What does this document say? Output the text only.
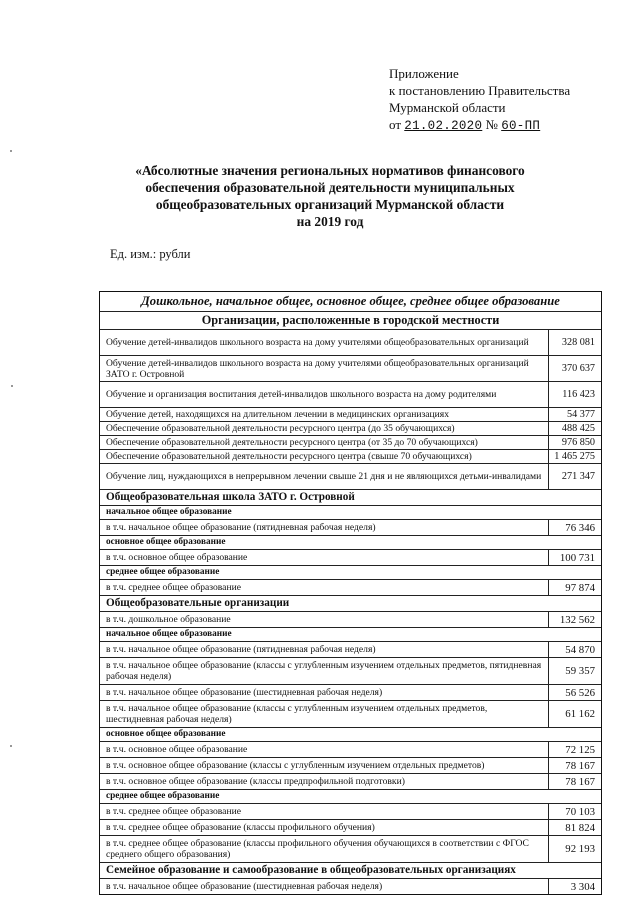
Приложение
к постановлению Правительства
Мурманской области
от 21.02.2020 № 60-ПП
«Абсолютные значения региональных нормативов финансового
обеспечения образовательной деятельности муниципальных
общеобразовательных организаций Мурманской области
на 2019 год
Ед. изм.: рубли
Дошкольное, начальное общее, основное общее, среднее общее образование
Организации, расположенные в городской местности
Обучение детей-инвалидов школьного возраста на дому учителями общеобразовательных организаций	328 081
Обучение детей-инвалидов школьного возраста на дому учителями общеобразовательных организаций ЗАТО г. Островной	370 637
Обучение и организация воспитания детей-инвалидов школьного возраста на дому родителями	116 423
Обучение детей, находящихся на длительном лечении в медицинских организациях	54 377
Обеспечение образовательной деятельности ресурсного центра (до 35 обучающихся)	488 425
Обеспечение образовательной деятельности ресурсного центра (от 35 до 70 обучающихся)	976 850
Обеспечение образовательной деятельности ресурсного центра (свыше 70 обучающихся)	1 465 275
Обучение лиц, нуждающихся в непрерывном лечении свыше 21 дня и не являющихся детьми-инвалидами	271 347
Общеобразовательная школа ЗАТО г. Островной
начальное общее образование
в т.ч. начальное общее образование (пятидневная рабочая неделя)	76 346
основное общее образование
в т.ч. основное общее образование	100 731
среднее общее образование
в т.ч. среднее общее образование	97 874
Общеобразовательные организации
в т.ч. дошкольное образование	132 562
начальное общее образование
в т.ч. начальное общее образование (пятидневная рабочая неделя)	54 870
в т.ч. начальное общее образование (классы с углубленным изучением отдельных предметов, пятидневная рабочая неделя)	59 357
в т.ч. начальное общее образование (шестидневная рабочая неделя)	56 526
в т.ч. начальное общее образование (классы с углубленным изучением отдельных предметов, шестидневная рабочая неделя)	61 162
основное общее образование
в т.ч. основное общее образование	72 125
в т.ч. основное общее образование (классы с углубленным изучением отдельных предметов)	78 167
в т.ч. основное общее образование (классы предпрофильной подготовки)	78 167
среднее общее образование
в т.ч. среднее общее образование	70 103
в т.ч. среднее общее образование (классы профильного обучения)	81 824
в т.ч. среднее общее образование (классы профильного обучения обучающихся в соответствии с ФГОС среднего общего образования)	92 193
Семейное образование и самообразование в общеобразовательных организациях
в т.ч. начальное общее образование (шестидневная рабочая неделя)	3 304
